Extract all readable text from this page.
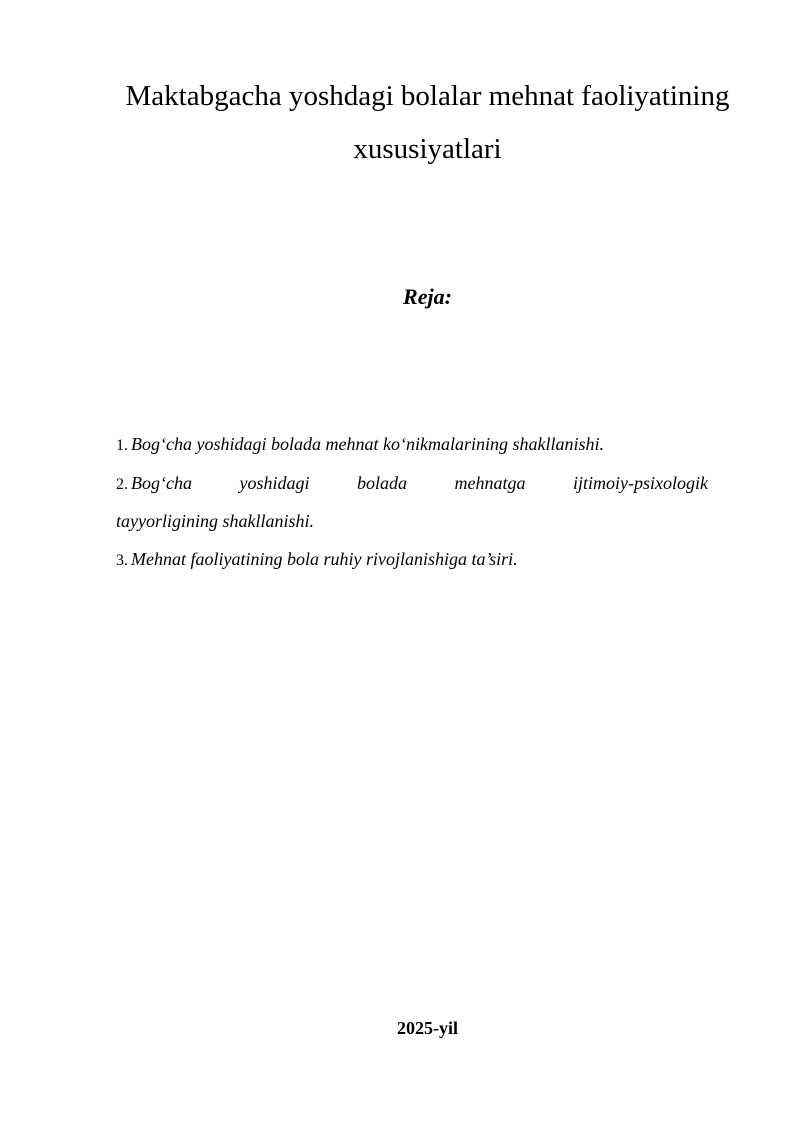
Maktabgacha yoshdagi bolalar mehnat faoliyatining
xususiyatlari
Reja:
1. Bog‘cha yoshidagi bolada mehnat ko‘nikmalarining shakllanishi.
2. Bog‘cha yoshidagi bolada mehnatga ijtimoiy-psixologik
tayyorligining shakllanishi.
3. Mehnat faoliyatining bola ruhiy rivojlanishiga ta’siri.

2025-yil
